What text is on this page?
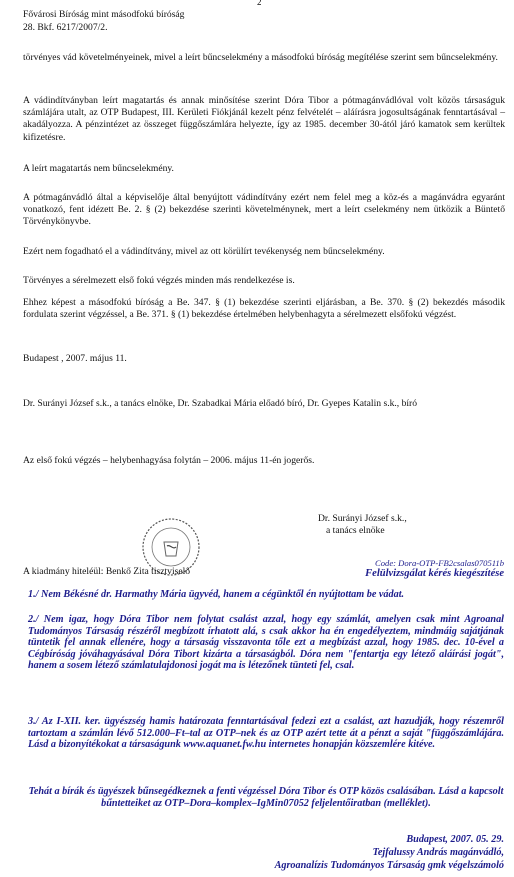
2
Fővárosi Bíróság mint másodfokú bíróság
28. Bkf. 6217/2007/2.
törvényes vád követelményeinek, mivel a leírt bűncselekmény a másodfokú bíróság megítélése szerint sem bűncselekmény.
A vádindítványban leírt magatartás és annak minősítése szerint Dóra Tibor a pótmagánvádlóval volt közös társaságuk számlájára utalt, az OTP Budapest, III. Kerületi Fiókjánál kezelt pénz felvételét – aláírásra jogosultságának fenntartásával – akadályozza. A pénzintézet az összeget függőszámlára helyezte, így az 1985. december 30-ától járó kamatok sem kerültek kifizetésre.
A leírt magatartás nem bűncselekmény.
A pótmagánvádló által a képviselője által benyújtott vádindítvány ezért nem felel meg a köz-és a magánvádra egyaránt vonatkozó, fent idézett Be. 2. § (2) bekezdése szerinti követelménynek, mert a leírt cselekmény nem ütközik a Büntető Törvénykönyvbe.
Ezért nem fogadható el a vádindítvány, mivel az ott körülírt tevékenység nem bűncselekmény.
Törvényes a sérelmezett első fokú végzés minden más rendelkezése is.
Ehhez képest a másodfokú bíróság a Be. 347. § (1) bekezdése szerinti eljárásban, a Be. 370. § (2) bekezdés második fordulata szerint végzéssel, a Be. 371. § (1) bekezdése értelmében helybenhagyta a sérelmezett elsőfokú végzést.
Budapest , 2007. május 11.
Dr. Surányi József s.k., a tanács elnöke, Dr. Szabadkai Mária előadó bíró, Dr. Gyepes Katalin s.k., bíró
Az első fokú végzés – helybenhagyása folytán – 2006. május 11-én jogerős.
Dr. Surányi József s.k.,
a tanács elnöke
A kiadmány hiteléül: Benkő Zita tisztviselő
Code: Dora-OTP-FB2csalas070511b
Felülvizsgálat kérés kiegészítése
1./ Nem Békésné dr. Harmathy Mária ügyvéd, hanem a cégünktől én nyújtottam be vádat.
2./ Nem igaz, hogy Dóra Tibor nem folytat csalást azzal, hogy egy számlát, amelyen csak mint Agroanal Tudományos Társaság részéről megbízott írhatott alá, s csak akkor ha én engedélyeztem, mindmáig sajátjának tüntetik fel annak ellenére, hogy a társaság visszavonta tőle ezt a megbízást azzal, hogy 1985. dec. 10-ével a Cégbíróság jóváhagyásával Dóra Tibort kizárta a társaságból. Dóra nem "fentartja egy létező aláírási jogát", hanem a sosem létező számlatulajdonosi jogát ma is létezőnek tünteti fel, csal.
3./ Az I-XII. ker. ügyészség hamis határozata fenntartásával fedezi ezt a csalást, azt hazudják, hogy részemről tartoztam a számlán lévő 512.000–Ft–tal az OTP–nek és az OTP azért tette át a pénzt a saját "függőszámlájára. Lásd a bizonyítékokat a társaságunk www.aquanet.fw.hu internetes honapján közszemlére kitéve.
Tehát a bírák és ügyészek bűnsegédkeznek a fenti végzéssel Dóra Tibor és OTP közös csalásában. Lásd a kapcsolt bűntetteiket az OTP–Dora–komplex–IgMin07052 feljelentőiratban (melléklet).
Budapest, 2007. 05. 29.
Tejfalussy András magánvádló,
Agroanalízis Tudományos Társaság gmk végelszámoló
